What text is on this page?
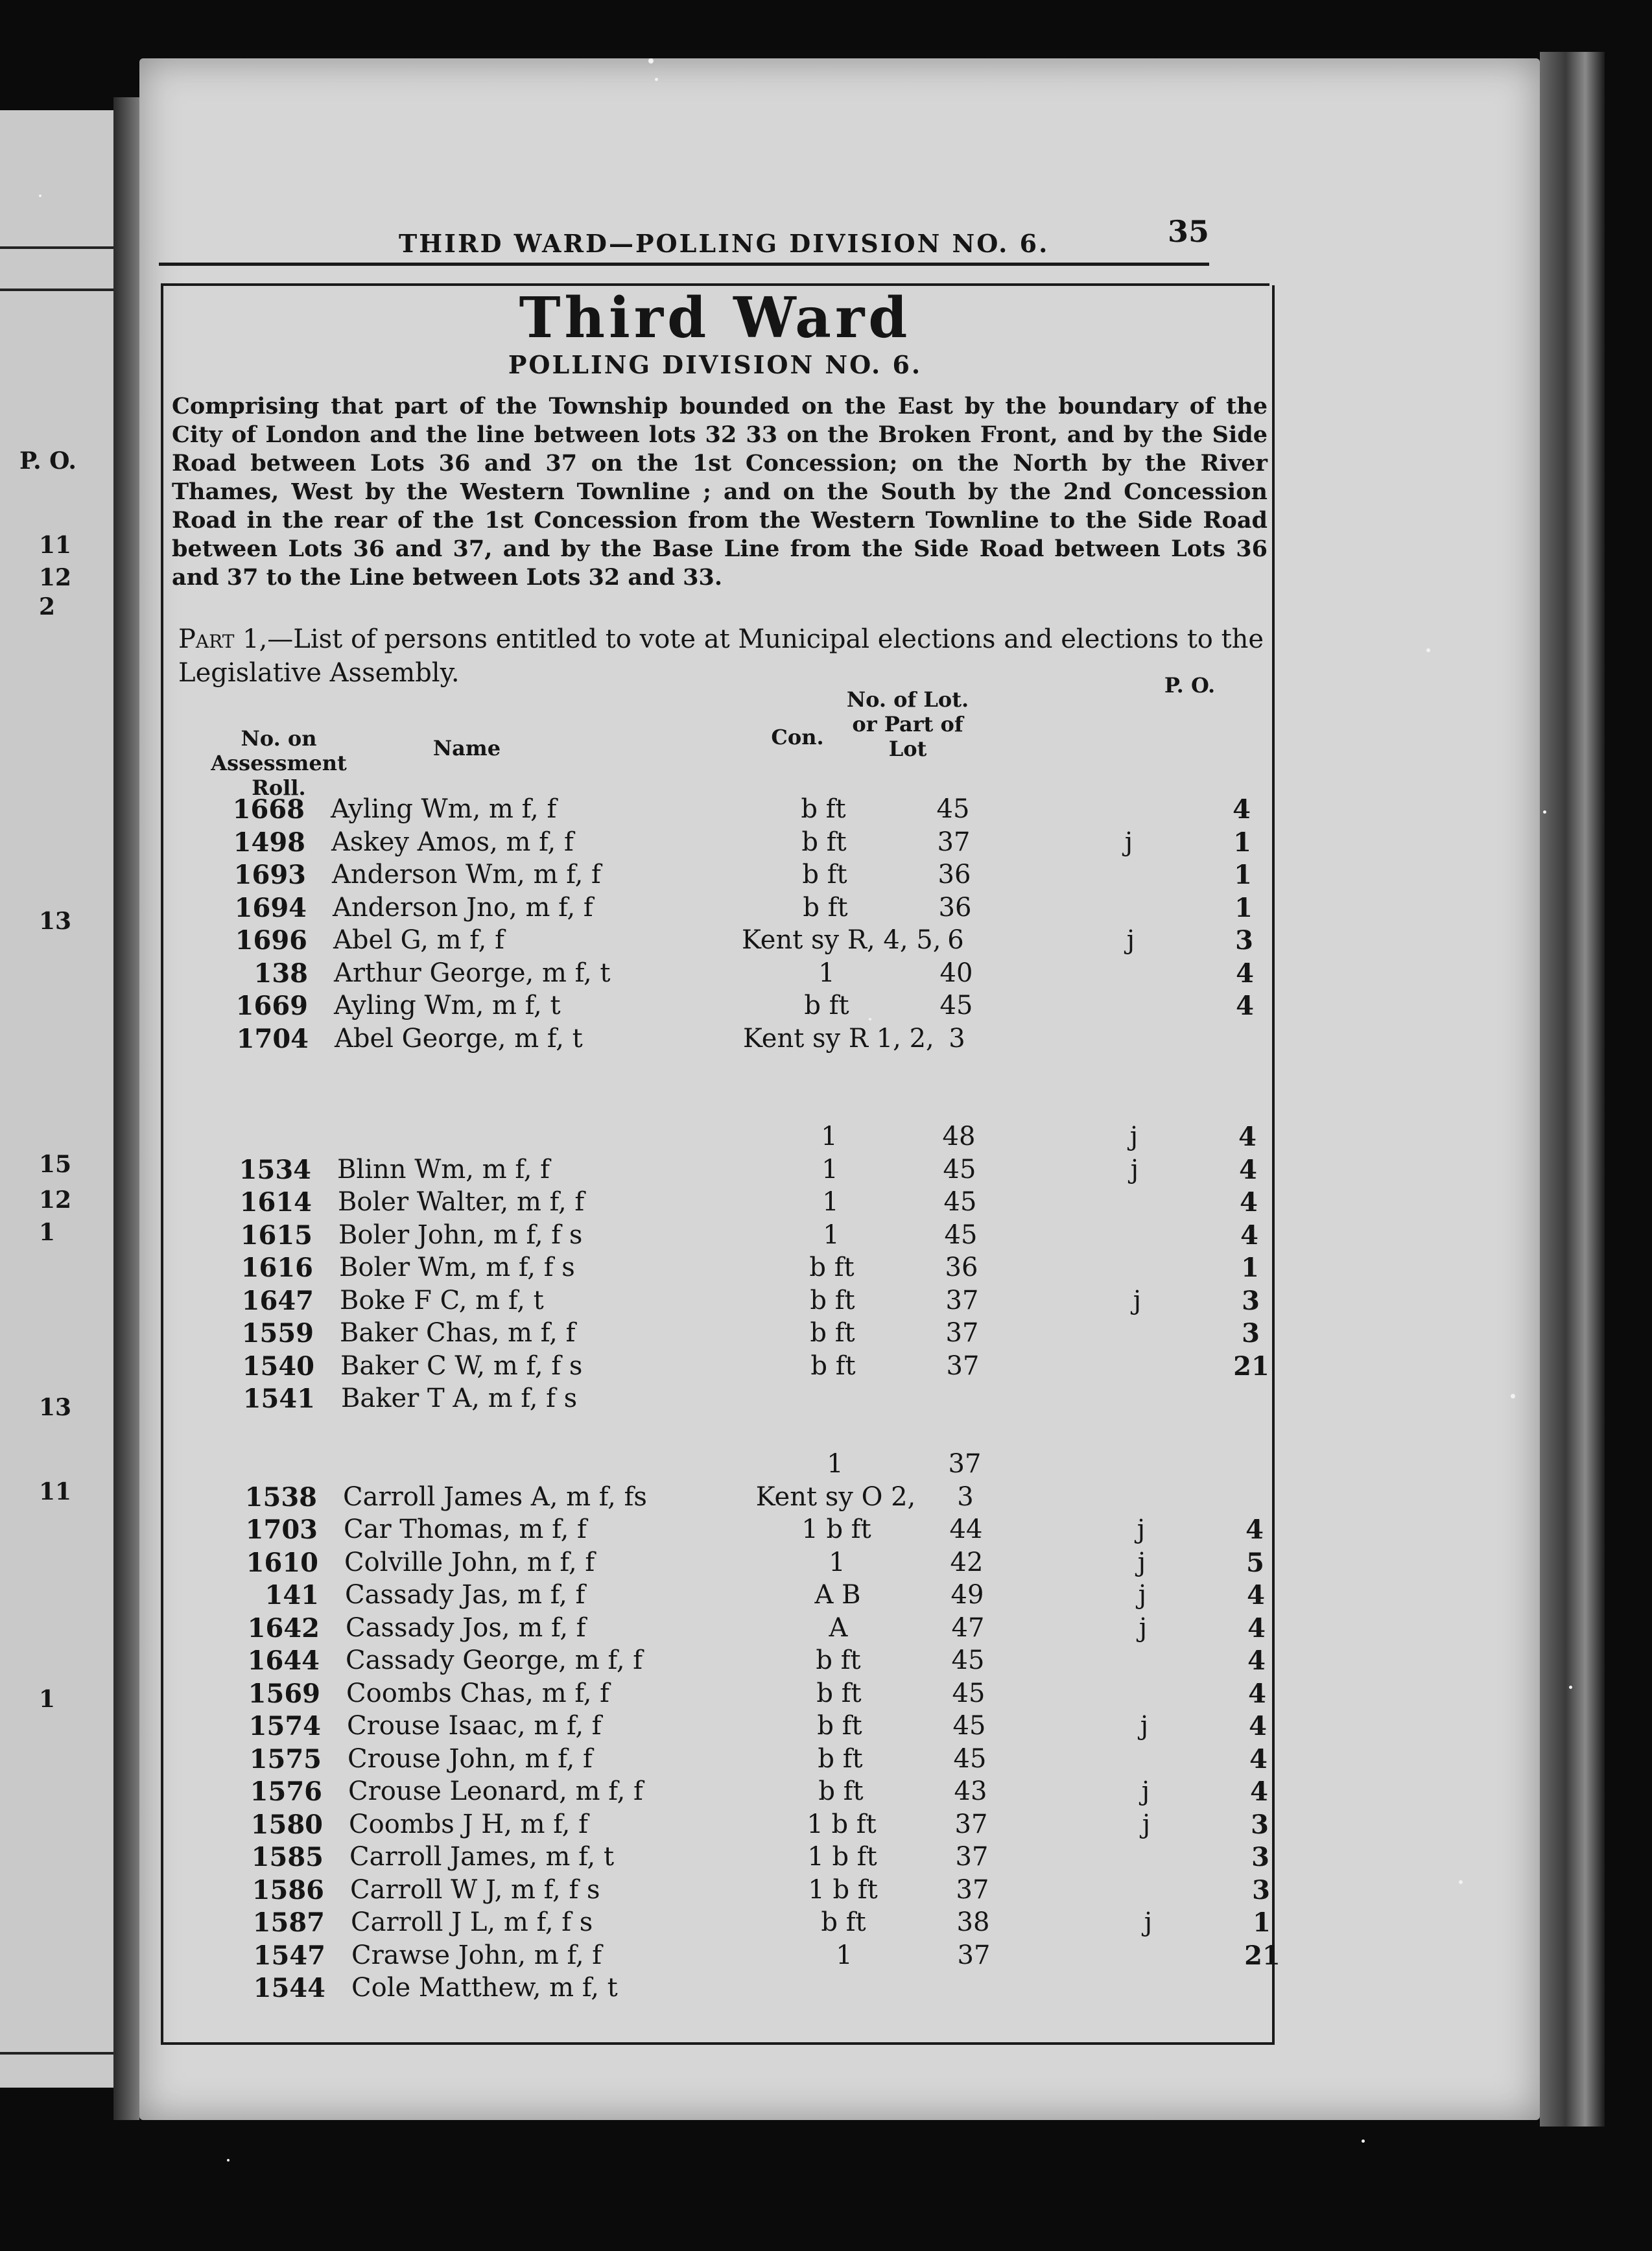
P. O.
11
12
2
13
15
12
1
13
11
1
THIRD WARD—POLLING DIVISION NO. 6.	35
Third Ward
POLLING DIVISION NO. 6.
Comprising that part of the Township bounded on the East by the boundary of the City of London and the line between lots 32 33 on the Broken Front, and by the Side Road between Lots 36 and 37 on the 1st Concession; on the North by the River Thames, West by the Western Townline ; and on the South by the 2nd Concession Road in the rear of the 1st Concession from the Western Townline to the Side Road between Lots 36 and 37, and by the Base Line from the Side Road between Lots 36 and 37 to the Line between Lots 32 and 33.
Part 1,—List of persons entitled to vote at Municipal elections and elections to the Legislative Assembly.
No. on Assessment Roll.
Name	Con.
No. of Lot. or Part of Lot
P. O.
1668 Ayling Wm, m f, f	b ft	45	4
1498 Askey Amos, m f, f	b ft	37	j	1
1693 Anderson Wm, m f, f	b ft	36	1
1694 Anderson Jno, m f, f	b ft	36	1
1696 Abel G, m f, f	Kent sy R, 4, 5, 6	j	3
138 Arthur George, m f, t	1	40	4
1669 Ayling Wm, m f, t	b ft	45	4
1704 Abel George, m f, t	Kent sy R 1, 2, 3
1	48	j	4
1534 Blinn Wm, m f, f	1	45	j	4
1614 Boler Walter, m f, f	1	45	4
1615 Boler John, m f, f s	1	45	4
1616 Boler Wm, m f, f s	b ft	36	1
1647 Boke F C, m f, t	b ft	37	j	3
1559 Baker Chas, m f, f	b ft	37	3
1540 Baker C W, m f, f s	b ft	37	21
1541 Baker T A, m f, f s
1	37
1538 Carroll James A, m f, fs	Kent sy O 2,	3
1703 Car Thomas, m f, f	1 b ft	44	j	4
1610 Colville John, m f, f	1	42	j	5
141 Cassady Jas, m f, f	A B	49	j	4
1642 Cassady Jos, m f, f	A	47	j	4
1644 Cassady George, m f, f	b ft	45	4
1569 Coombs Chas, m f, f	b ft	45	4
1574 Crouse Isaac, m f, f	b ft	45	j	4
1575 Crouse John, m f, f	b ft	45	4
1576 Crouse Leonard, m f, f	b ft	43	j	4
1580 Coombs J H, m f, f	1 b ft	37	j	3
1585 Carroll James, m f, t	1 b ft	37	3
1586 Carroll W J, m f, f s	1 b ft	37	3
1587 Carroll J L, m f, f s	b ft	38	j	1
1547 Crawse John, m f, f	1	37	21
1544 Cole Matthew, m f, t
